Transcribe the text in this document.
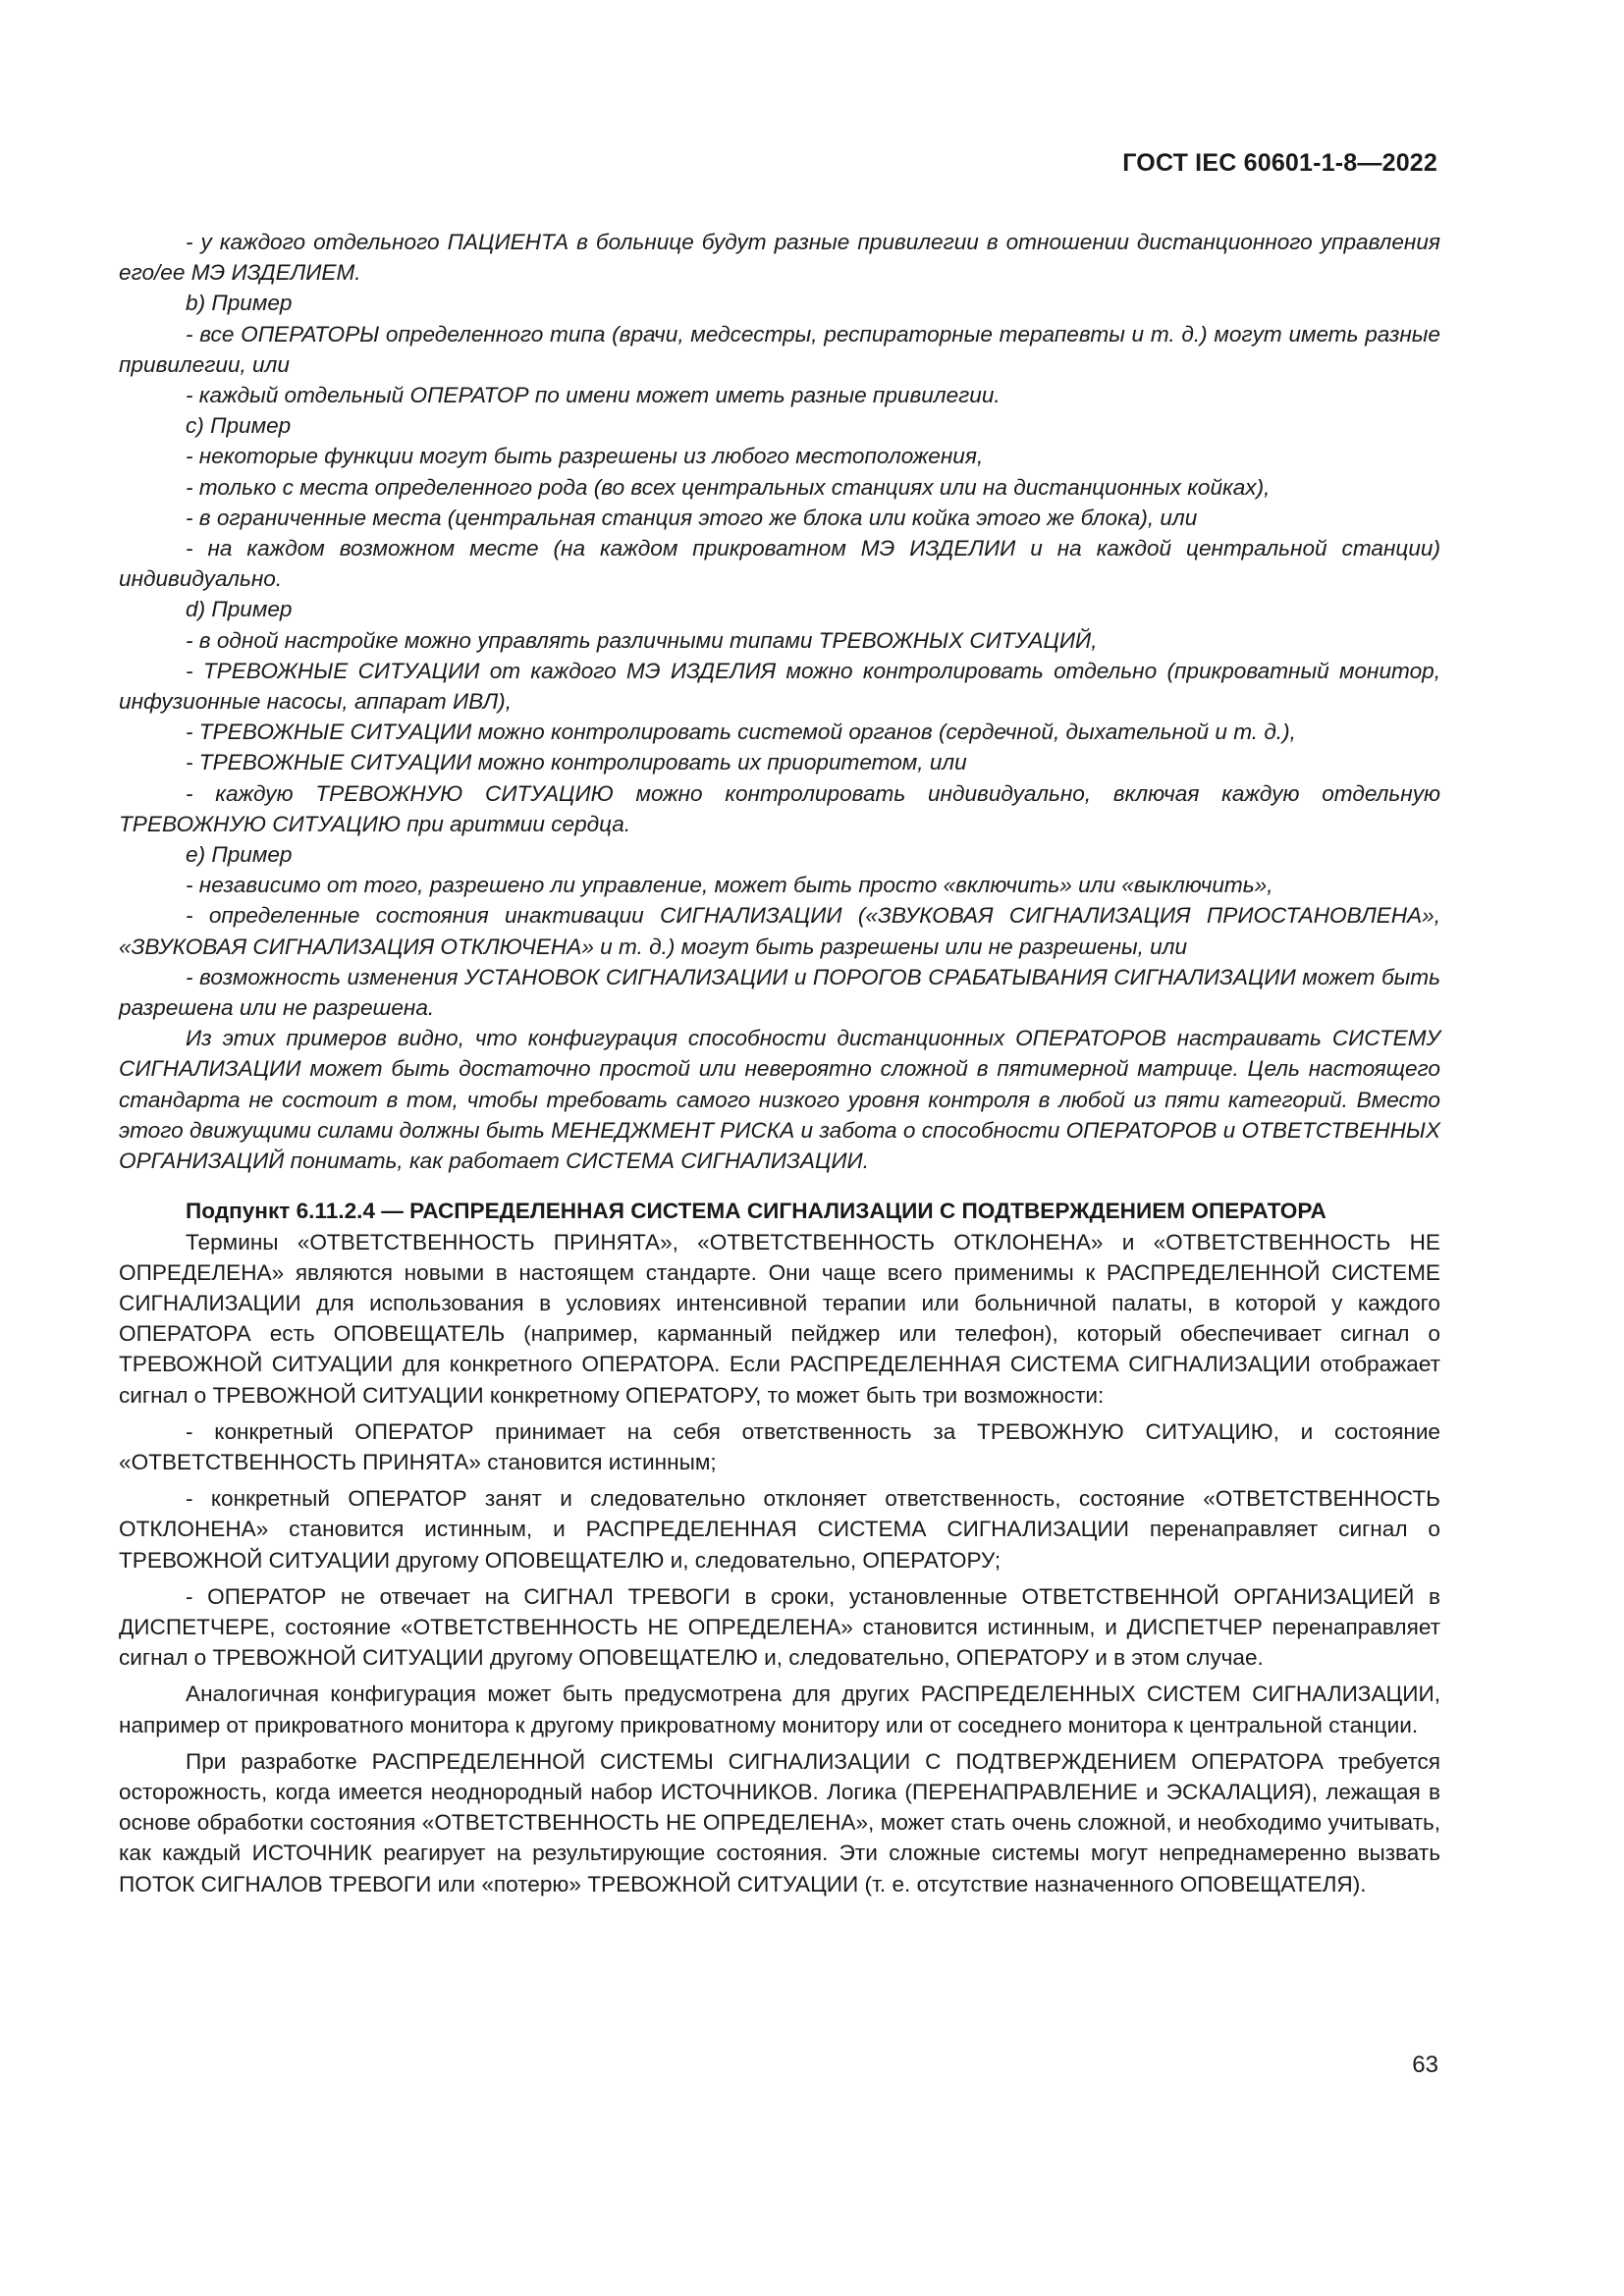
ГОСТ IEC 60601-1-8—2022

- у каждого отдельного ПАЦИЕНТА в больнице будут разные привилегии в отношении дистанционного управления его/ее МЭ ИЗДЕЛИЕМ.

b) Пример

- все ОПЕРАТОРЫ определенного типа (врачи, медсестры, респираторные терапевты и т. д.) могут иметь разные привилегии, или

- каждый отдельный ОПЕРАТОР по имени может иметь разные привилегии.

c) Пример

- некоторые функции могут быть разрешены из любого местоположения,

- только с места определенного рода (во всех центральных станциях или на дистанционных койках),

- в ограниченные места (центральная станция этого же блока или койка этого же блока), или

- на каждом возможном месте (на каждом прикроватном МЭ ИЗДЕЛИИ и на каждой центральной станции) индивидуально.

d) Пример

- в одной настройке можно управлять различными типами ТРЕВОЖНЫХ СИТУАЦИЙ,

- ТРЕВОЖНЫЕ СИТУАЦИИ от каждого МЭ ИЗДЕЛИЯ можно контролировать отдельно (прикроватный монитор, инфузионные насосы, аппарат ИВЛ),

- ТРЕВОЖНЫЕ СИТУАЦИИ можно контролировать системой органов (сердечной, дыхательной и т. д.),

- ТРЕВОЖНЫЕ СИТУАЦИИ можно контролировать их приоритетом, или

- каждую ТРЕВОЖНУЮ СИТУАЦИЮ можно контролировать индивидуально, включая каждую отдельную ТРЕВОЖНУЮ СИТУАЦИЮ при аритмии сердца.

e) Пример

- независимо от того, разрешено ли управление, может быть просто «включить» или «выключить»,

- определенные состояния инактивации СИГНАЛИЗАЦИИ («ЗВУКОВАЯ СИГНАЛИЗАЦИЯ ПРИОСТАНОВЛЕНА», «ЗВУКОВАЯ СИГНАЛИЗАЦИЯ ОТКЛЮЧЕНА» и т. д.) могут быть разрешены или не разрешены, или

- возможность изменения УСТАНОВОК СИГНАЛИЗАЦИИ и ПОРОГОВ СРАБАТЫВАНИЯ СИГНАЛИЗАЦИИ может быть разрешена или не разрешена.

Из этих примеров видно, что конфигурация способности дистанционных ОПЕРАТОРОВ настраивать СИСТЕМУ СИГНАЛИЗАЦИИ может быть достаточно простой или невероятно сложной в пятимерной матрице. Цель настоящего стандарта не состоит в том, чтобы требовать самого низкого уровня контроля в любой из пяти категорий. Вместо этого движущими силами должны быть МЕНЕДЖМЕНТ РИСКА и забота о способности ОПЕРАТОРОВ и ОТВЕТСТВЕННЫХ ОРГАНИЗАЦИЙ понимать, как работает СИСТЕМА СИГНАЛИЗАЦИИ.

Подпункт 6.11.2.4 — РАСПРЕДЕЛЕННАЯ СИСТЕМА СИГНАЛИЗАЦИИ С ПОДТВЕРЖДЕНИЕМ ОПЕРАТОРА

Термины «ОТВЕТСТВЕННОСТЬ ПРИНЯТА», «ОТВЕТСТВЕННОСТЬ ОТКЛОНЕНА» и «ОТВЕТСТВЕННОСТЬ НЕ ОПРЕДЕЛЕНА» являются новыми в настоящем стандарте. Они чаще всего применимы к РАСПРЕДЕЛЕННОЙ СИСТЕМЕ СИГНАЛИЗАЦИИ для использования в условиях интенсивной терапии или больничной палаты, в которой у каждого ОПЕРАТОРА есть ОПОВЕЩАТЕЛЬ (например, карманный пейджер или телефон), который обеспечивает сигнал о ТРЕВОЖНОЙ СИТУАЦИИ для конкретного ОПЕРАТОРА. Если РАСПРЕДЕЛЕННАЯ СИСТЕМА СИГНАЛИЗАЦИИ отображает сигнал о ТРЕВОЖНОЙ СИТУАЦИИ конкретному ОПЕРАТОРУ, то может быть три возможности:

- конкретный ОПЕРАТОР принимает на себя ответственность за ТРЕВОЖНУЮ СИТУАЦИЮ, и состояние «ОТВЕТСТВЕННОСТЬ ПРИНЯТА» становится истинным;

- конкретный ОПЕРАТОР занят и следовательно отклоняет ответственность, состояние «ОТВЕТСТВЕННОСТЬ ОТКЛОНЕНА» становится истинным, и РАСПРЕДЕЛЕННАЯ СИСТЕМА СИГНАЛИЗАЦИИ перенаправляет сигнал о ТРЕВОЖНОЙ СИТУАЦИИ другому ОПОВЕЩАТЕЛЮ и, следовательно, ОПЕРАТОРУ;

- ОПЕРАТОР не отвечает на СИГНАЛ ТРЕВОГИ в сроки, установленные ОТВЕТСТВЕННОЙ ОРГАНИЗАЦИЕЙ в ДИСПЕТЧЕРЕ, состояние «ОТВЕТСТВЕННОСТЬ НЕ ОПРЕДЕЛЕНА» становится истинным, и ДИСПЕТЧЕР перенаправляет сигнал о ТРЕВОЖНОЙ СИТУАЦИИ другому ОПОВЕЩАТЕЛЮ и, следовательно, ОПЕРАТОРУ и в этом случае.

Аналогичная конфигурация может быть предусмотрена для других РАСПРЕДЕЛЕННЫХ СИСТЕМ СИГНАЛИЗАЦИИ, например от прикроватного монитора к другому прикроватному монитору или от соседнего монитора к центральной станции.

При разработке РАСПРЕДЕЛЕННОЙ СИСТЕМЫ СИГНАЛИЗАЦИИ С ПОДТВЕРЖДЕНИЕМ ОПЕРАТОРА требуется осторожность, когда имеется неоднородный набор ИСТОЧНИКОВ. Логика (ПЕРЕНАПРАВЛЕНИЕ и ЭСКАЛАЦИЯ), лежащая в основе обработки состояния «ОТВЕТСТВЕННОСТЬ НЕ ОПРЕДЕЛЕНА», может стать очень сложной, и необходимо учитывать, как каждый ИСТОЧНИК реагирует на результирующие состояния. Эти сложные системы могут непреднамеренно вызвать ПОТОК СИГНАЛОВ ТРЕВОГИ или «потерю» ТРЕВОЖНОЙ СИТУАЦИИ (т. е. отсутствие назначенного ОПОВЕЩАТЕЛЯ).

63
